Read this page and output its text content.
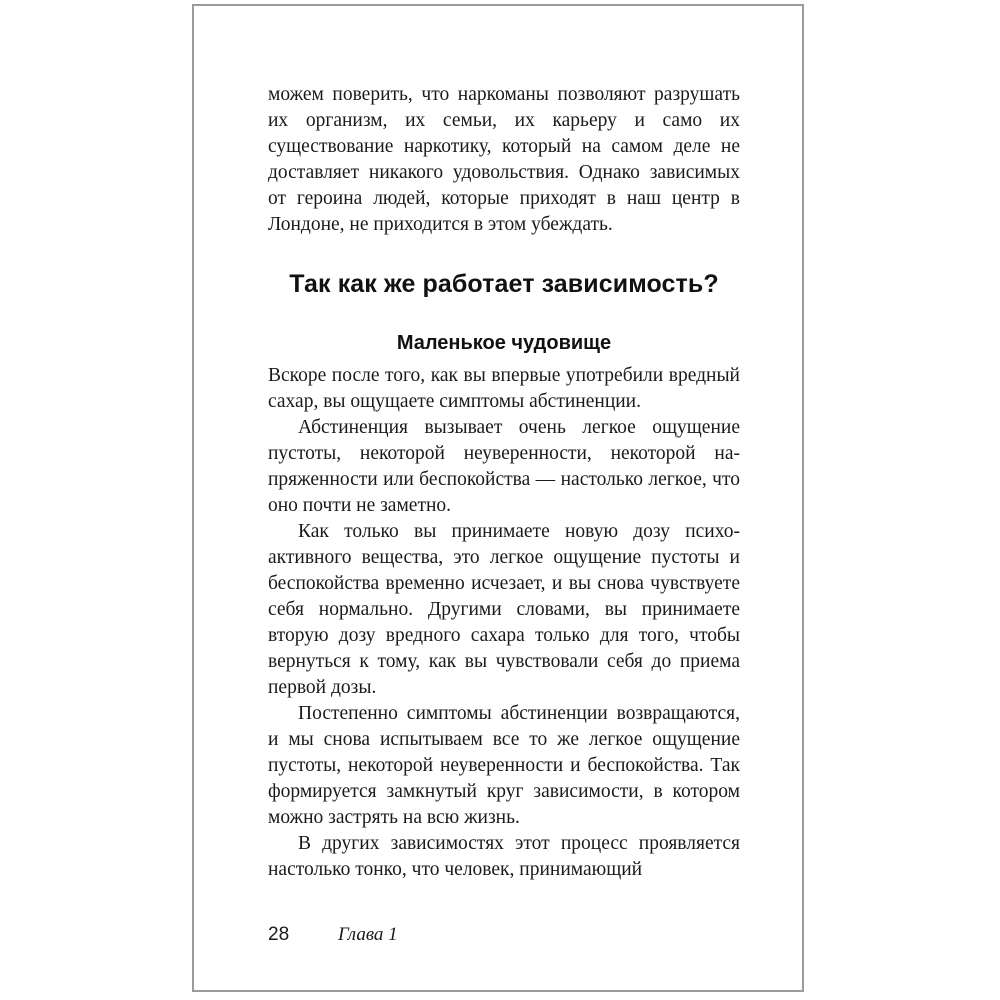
можем поверить, что наркоманы позволяют разрушать их организм, их семьи, их карьеру и само их существование наркотику, который на самом деле не доставляет никакого удовольствия. Однако зависимых от героина людей, которые приходят в наш центр в Лондоне, не приходится в этом убеждать.

Так как же работает зависимость?
Маленькое чудовище

Вскоре после того, как вы впервые употребили вредный сахар, вы ощущаете симптомы абстиненции.

Абстиненция вызывает очень легкое ощущение пустоты, некоторой неуверенности, некоторой напряженности или беспокойства — настолько легкое, что оно почти не заметно.

Как только вы принимаете новую дозу психоактивного вещества, это легкое ощущение пустоты и беспокойства временно исчезает, и вы снова чувствуете себя нормально. Другими словами, вы принимаете вторую дозу вредного сахара только для того, чтобы вернуться к тому, как вы чувствовали себя до приема первой дозы.

Постепенно симптомы абстиненции возвращаются, и мы снова испытываем все то же легкое ощущение пустоты, некоторой неуверенности и беспокойства. Так формируется замкнутый круг зависимости, в котором можно застрять на всю жизнь.

В других зависимостях этот процесс проявляется настолько тонко, что человек, принимающий

28	Глава 1
